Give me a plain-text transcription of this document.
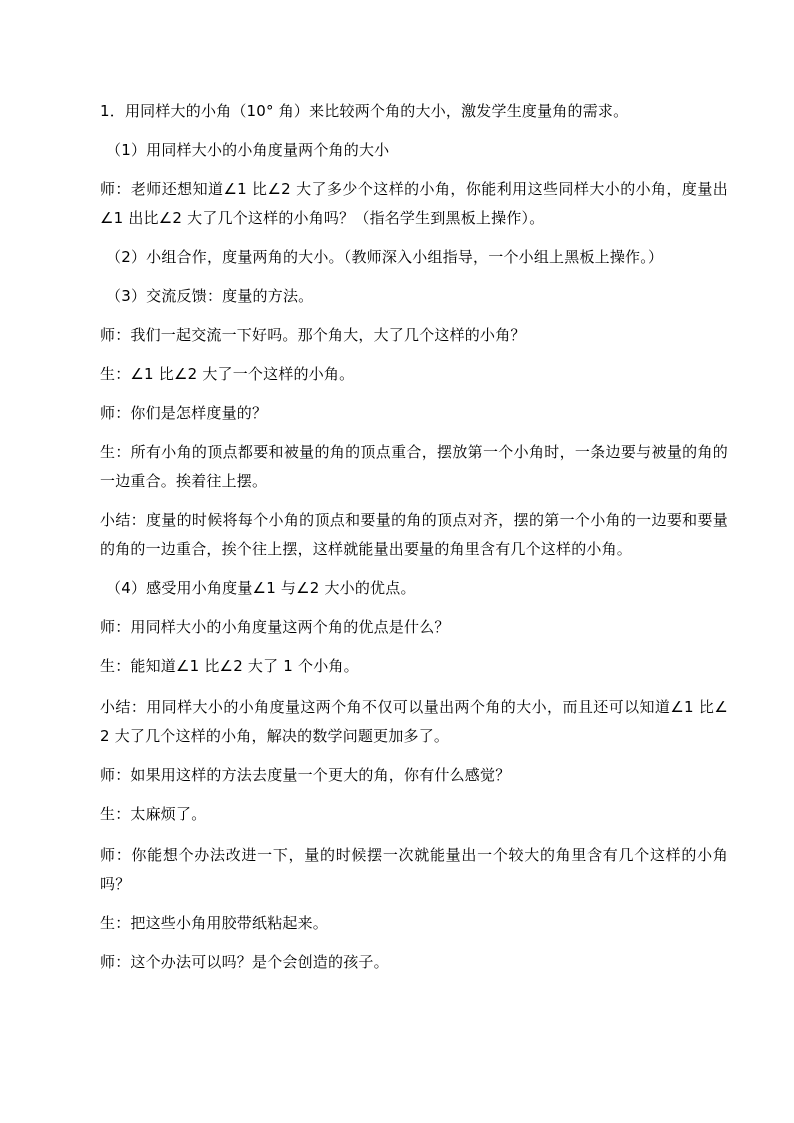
1．用同样大的小角（10° 角）来比较两个角的大小，激发学生度量角的需求。

（1）用同样大小的小角度量两个角的大小

师：老师还想知道∠1 比∠2 大了多少个这样的小角，你能利用这些同样大小的小角，度量出∠1 出比∠2 大了几个这样的小角吗？（指名学生到黑板上操作）。

（2）小组合作，度量两角的大小。（教师深入小组指导，一个小组上黑板上操作。）

（3）交流反馈：度量的方法。

师：我们一起交流一下好吗。那个角大，大了几个这样的小角？

生：∠1 比∠2 大了一个这样的小角。

师：你们是怎样度量的？

生：所有小角的顶点都要和被量的角的顶点重合，摆放第一个小角时，一条边要与被量的角的一边重合。挨着往上摆。

小结：度量的时候将每个小角的顶点和要量的角的顶点对齐，摆的第一个小角的一边要和要量的角的一边重合，挨个往上摆，这样就能量出要量的角里含有几个这样的小角。

（4）感受用小角度量∠1 与∠2 大小的优点。

师：用同样大小的小角度量这两个角的优点是什么？

生：能知道∠1 比∠2 大了 1 个小角。

小结：用同样大小的小角度量这两个角不仅可以量出两个角的大小，而且还可以知道∠1 比∠2 大了几个这样的小角，解决的数学问题更加多了。

师：如果用这样的方法去度量一个更大的角，你有什么感觉？

生：太麻烦了。

师：你能想个办法改进一下，量的时候摆一次就能量出一个较大的角里含有几个这样的小角吗？

生：把这些小角用胶带纸粘起来。

师：这个办法可以吗？是个会创造的孩子。
